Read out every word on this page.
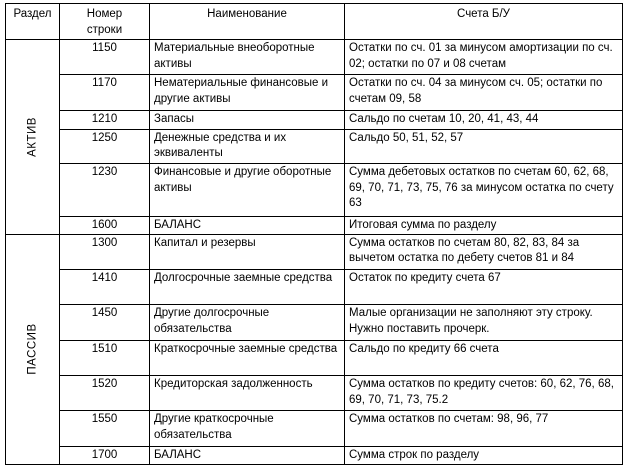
Раздел	Номер строки	Наименование	Счета Б/У

АКТИВ	1150	Материальные внеоборотные активы	Остатки по сч. 01 за минусом амортизации по сч. 02; остатки по 07 и 08 счетам
	1170	Нематериальные финансовые и другие активы	Остатки по сч. 04 за минусом сч. 05; остатки по счетам 09, 58
	1210	Запасы	Сальдо по счетам 10, 20, 41, 43, 44
	1250	Денежные средства и их эквиваленты	Сальдо 50, 51, 52, 57
	1230	Финансовые и другие оборотные активы	Сумма дебетовых остатков по счетам 60, 62, 68, 69, 70, 71, 73, 75, 76 за минусом остатка по счету 63
	1600	БАЛАНС	Итоговая сумма по разделу

ПАССИВ	1300	Капитал и резервы	Сумма остатков по счетам 80, 82, 83, 84 за вычетом остатка по дебету счетов 81 и 84
	1410	Долгосрочные заемные средства	Остаток по кредиту счета 67
	1450	Другие долгосрочные обязательства	Малые организации не заполняют эту строку. Нужно поставить прочерк.
	1510	Краткосрочные заемные средства	Сальдо по кредиту 66 счета
	1520	Кредиторская задолженность	Сумма остатков по кредиту счетов: 60, 62, 76, 68, 69, 70, 71, 73, 75.2
	1550	Другие краткосрочные обязательства	Сумма остатков по счетам: 98, 96, 77
	1700	БАЛАНС	Сумма строк по разделу
